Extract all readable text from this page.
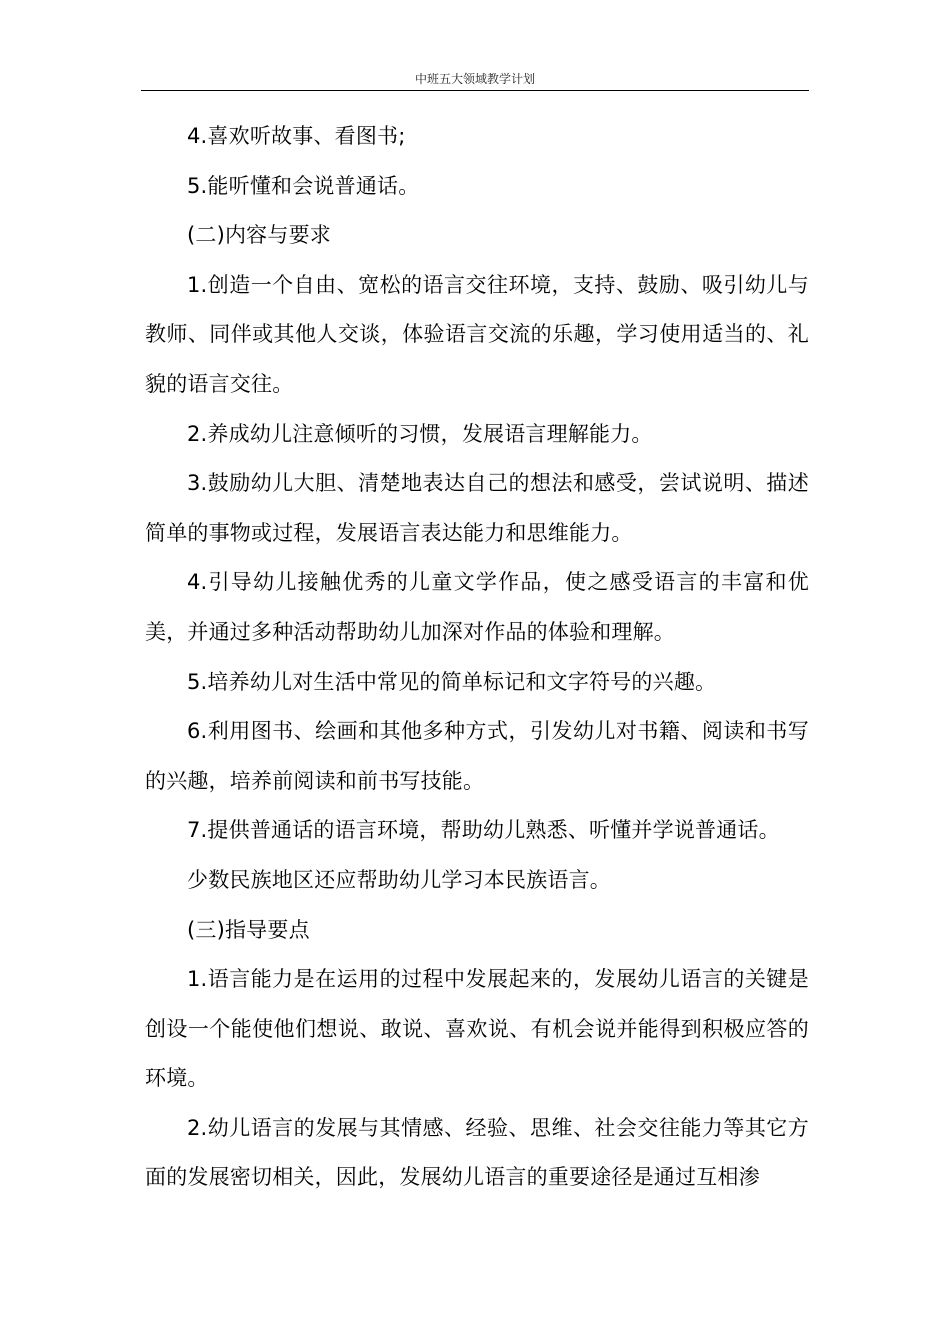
中班五大领域教学计划

4.喜欢听故事、看图书;

5.能听懂和会说普通话。

(二)内容与要求

1.创造一个自由、宽松的语言交往环境，支持、鼓励、吸引幼儿与教师、同伴或其他人交谈，体验语言交流的乐趣，学习使用适当的、礼貌的语言交往。

2.养成幼儿注意倾听的习惯，发展语言理解能力。

3.鼓励幼儿大胆、清楚地表达自己的想法和感受，尝试说明、描述简单的事物或过程，发展语言表达能力和思维能力。

4.引导幼儿接触优秀的儿童文学作品，使之感受语言的丰富和优美，并通过多种活动帮助幼儿加深对作品的体验和理解。

5.培养幼儿对生活中常见的简单标记和文字符号的兴趣。

6.利用图书、绘画和其他多种方式，引发幼儿对书籍、阅读和书写的兴趣，培养前阅读和前书写技能。

7.提供普通话的语言环境，帮助幼儿熟悉、听懂并学说普通话。

少数民族地区还应帮助幼儿学习本民族语言。

(三)指导要点

1.语言能力是在运用的过程中发展起来的，发展幼儿语言的关键是创设一个能使他们想说、敢说、喜欢说、有机会说并能得到积极应答的环境。

2.幼儿语言的发展与其情感、经验、思维、社会交往能力等其它方面的发展密切相关，因此，发展幼儿语言的重要途径是通过互相渗
